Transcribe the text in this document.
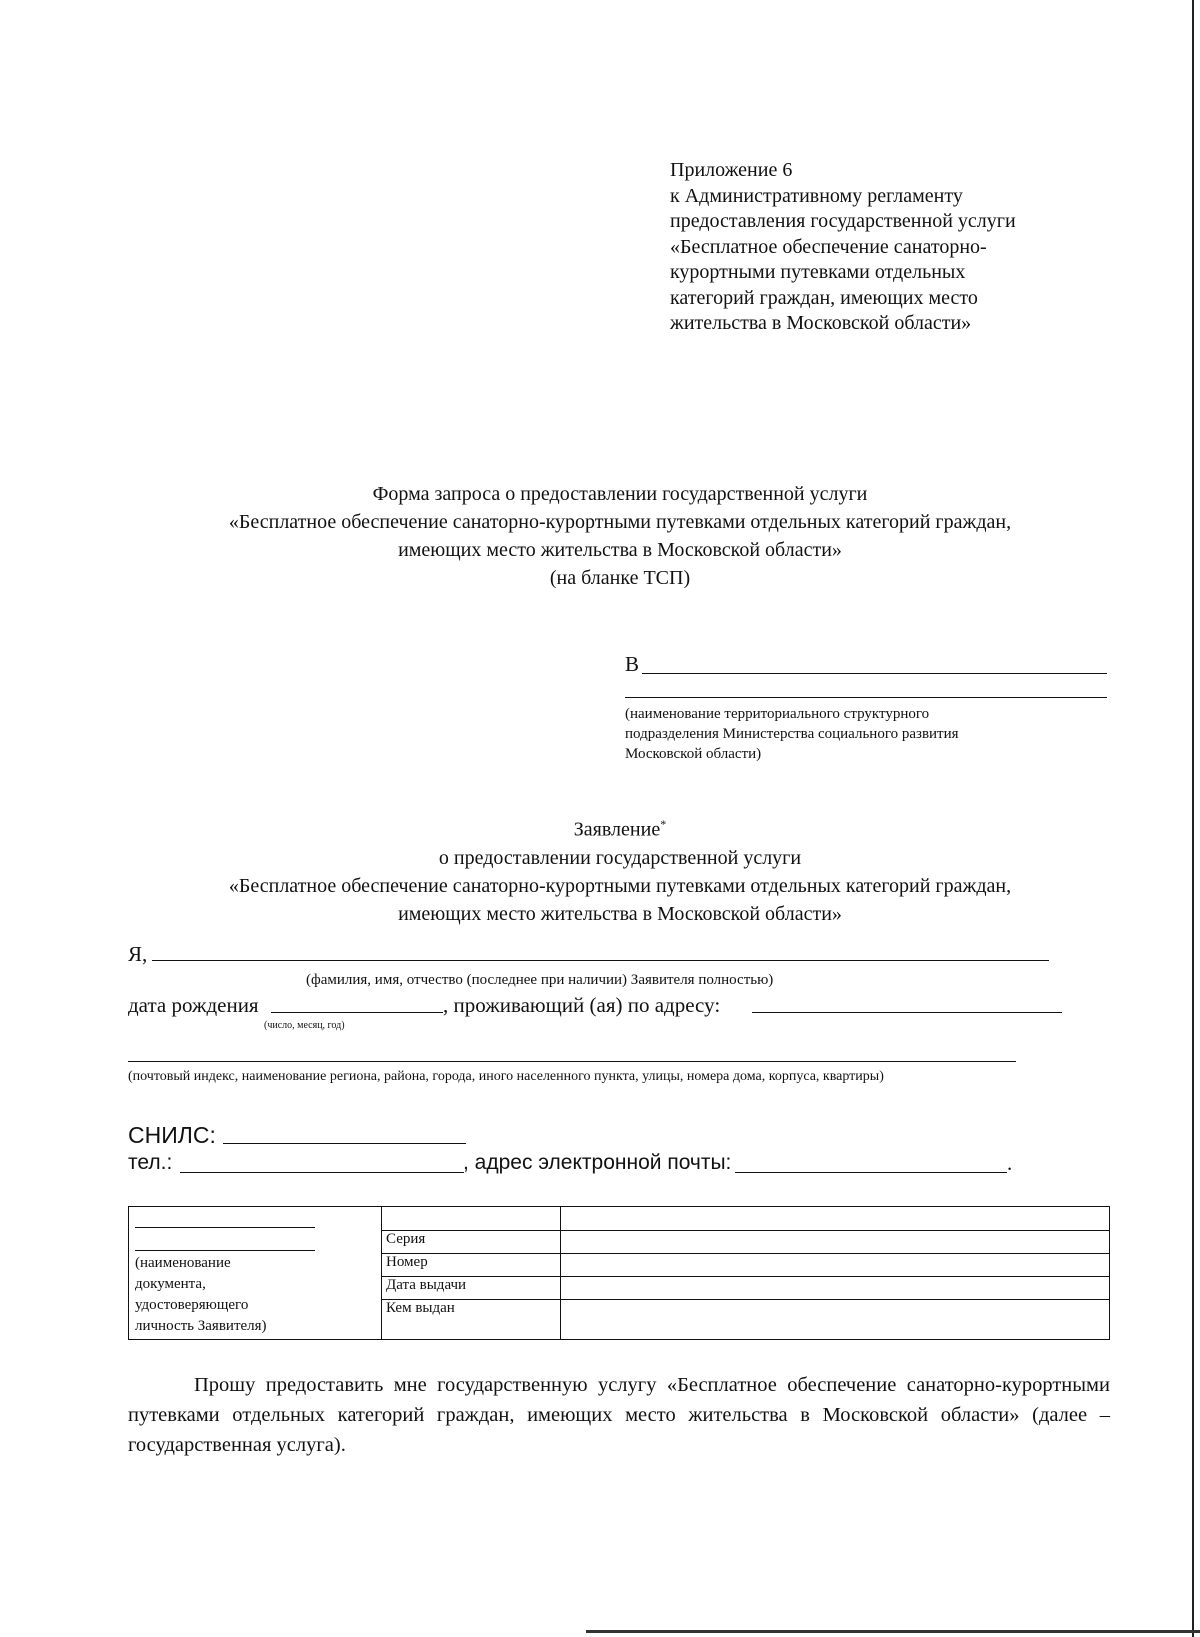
Приложение 6
к Административному регламенту
предоставления государственной услуги
«Бесплатное обеспечение санаторно-
курортными путевками отдельных
категорий граждан, имеющих место
жительства в Московской области»
Форма запроса о предоставлении государственной услуги
«Бесплатное обеспечение санаторно-курортными путевками отдельных категорий граждан,
имеющих место жительства в Московской области»
(на бланке ТСП)
В
(наименование территориального структурного
подразделения Министерства социального развития
Московской области)
Заявление*
о предоставлении государственной услуги
«Бесплатное обеспечение санаторно-курортными путевками отдельных категорий граждан,
имеющих место жительства в Московской области»
Я,
(фамилия, имя, отчество (последнее при наличии) Заявителя полностью)
дата рождения	, проживающий (ая) по адресу:
(число, месяц, год)
(почтовый индекс, наименование региона, района, города, иного населенного пункта, улицы, номера дома, корпуса, квартиры)
СНИЛС:
тел.:	, адрес электронной почты:	.
(наименование документа, удостоверяющего личность Заявителя)		

	Серия	
	Номер	
	Дата выдачи	
	Кем выдан	
Прошу предоставить мне государственную услугу «Бесплатное обеспечение санаторно-курортными путевками отдельных категорий граждан, имеющих место жительства в Московской области» (далее – государственная услуга).
